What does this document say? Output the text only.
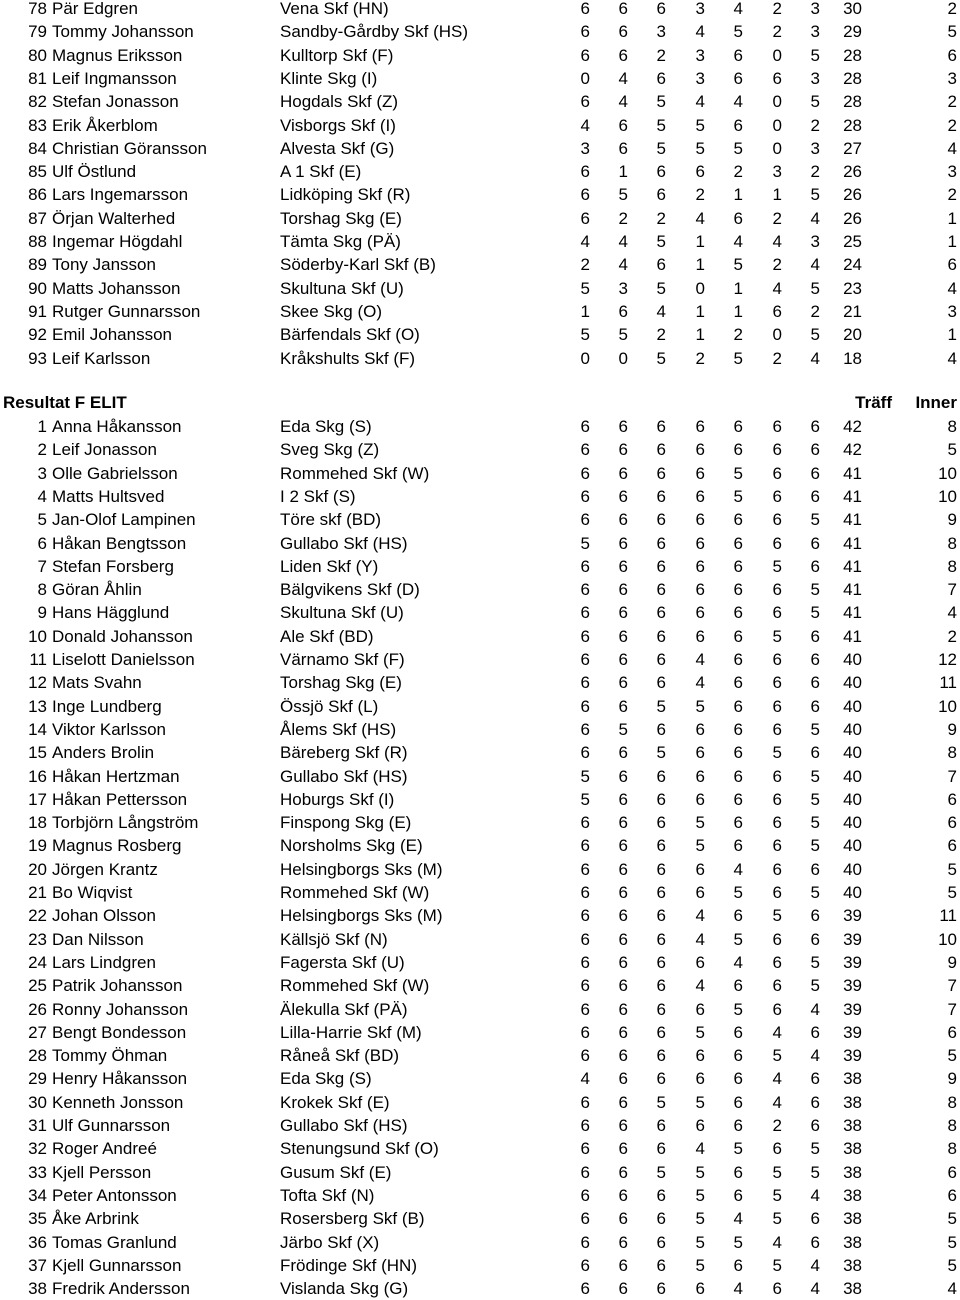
78 Pär Edgren	Vena Skf (HN)	6 6 6 3 4 2 3 30	2
79 Tommy Johansson	Sandby-Gårdby Skf (HS)	6 6 3 4 5 2 3 29	5
80 Magnus Eriksson	Kulltorp Skf (F)	6 6 2 3 6 0 5 28	6
81 Leif Ingmansson	Klinte Skg (I)	0 4 6 3 6 6 3 28	3
82 Stefan Jonasson	Hogdals Skf (Z)	6 4 5 4 4 0 5 28	2
83 Erik Åkerblom	Visborgs Skf (I)	4 6 5 5 6 0 2 28	2
84 Christian Göransson	Alvesta Skf (G)	3 6 5 5 5 0 3 27	4
85 Ulf Östlund	A 1 Skf (E)	6 1 6 6 2 3 2 26	3
86 Lars Ingemarsson	Lidköping Skf (R)	6 5 6 2 1 1 5 26	2
87 Örjan Walterhed	Torshag Skg (E)	6 2 2 4 6 2 4 26	1
88 Ingemar Högdahl	Tämta Skg (PÄ)	4 4 5 1 4 4 3 25	1
89 Tony Jansson	Söderby-Karl Skf (B)	2 4 6 1 5 2 4 24	6
90 Matts Johansson	Skultuna Skf (U)	5 3 5 0 1 4 5 23	4
91 Rutger Gunnarsson	Skee Skg (O)	1 6 4 1 1 6 2 21	3
92 Emil Johansson	Bärfendals Skf (O)	5 5 2 1 2 0 5 20	1
93 Leif Karlsson	Kråkshults Skf (F)	0 0 5 2 5 2 4 18	4
Resultat F ELIT	Träff Inner
1 Anna Håkansson	Eda Skg (S)	6 6 6 6 6 6 6 42	8
2 Leif Jonasson	Sveg Skg (Z)	6 6 6 6 6 6 6 42	5
3 Olle Gabrielsson	Rommehed Skf (W)	6 6 6 6 5 6 6 41	10
4 Matts Hultsved	I 2 Skf (S)	6 6 6 6 5 6 6 41	10
5 Jan-Olof Lampinen	Töre skf (BD)	6 6 6 6 6 6 5 41	9
6 Håkan Bengtsson	Gullabo Skf (HS)	5 6 6 6 6 6 6 41	8
7 Stefan Forsberg	Liden Skf (Y)	6 6 6 6 6 5 6 41	8
8 Göran Åhlin	Bälgvikens Skf (D)	6 6 6 6 6 6 5 41	7
9 Hans Hägglund	Skultuna Skf (U)	6 6 6 6 6 6 5 41	4
10 Donald Johansson	Ale Skf (BD)	6 6 6 6 6 5 6 41	2
11 Liselott Danielsson	Värnamo Skf (F)	6 6 6 4 6 6 6 40	12
12 Mats Svahn	Torshag Skg (E)	6 6 6 4 6 6 6 40	11
13 Inge Lundberg	Össjö Skf (L)	6 6 5 5 6 6 6 40	10
14 Viktor Karlsson	Ålems Skf (HS)	6 5 6 6 6 6 5 40	9
15 Anders Brolin	Bäreberg Skf (R)	6 6 5 6 6 5 6 40	8
16 Håkan Hertzman	Gullabo Skf (HS)	5 6 6 6 6 6 5 40	7
17 Håkan Pettersson	Hoburgs Skf (I)	5 6 6 6 6 6 5 40	6
18 Torbjörn Långström	Finspong Skg (E)	6 6 6 5 6 6 5 40	6
19 Magnus Rosberg	Norsholms Skg (E)	6 6 6 5 6 6 5 40	6
20 Jörgen Krantz	Helsingborgs Sks (M)	6 6 6 6 4 6 6 40	5
21 Bo Wiqvist	Rommehed Skf (W)	6 6 6 6 5 6 5 40	5
22 Johan Olsson	Helsingborgs Sks (M)	6 6 6 4 6 5 6 39	11
23 Dan Nilsson	Källsjö Skf (N)	6 6 6 4 5 6 6 39	10
24 Lars Lindgren	Fagersta Skf (U)	6 6 6 6 4 6 5 39	9
25 Patrik Johansson	Rommehed Skf (W)	6 6 6 4 6 6 5 39	7
26 Ronny Johansson	Älekulla Skf (PÄ)	6 6 6 6 5 6 4 39	7
27 Bengt Bondesson	Lilla-Harrie Skf (M)	6 6 6 5 6 4 6 39	6
28 Tommy Öhman	Råneå Skf (BD)	6 6 6 6 6 5 4 39	5
29 Henry Håkansson	Eda Skg (S)	4 6 6 6 6 4 6 38	9
30 Kenneth Jonsson	Krokek Skf (E)	6 6 5 5 6 4 6 38	8
31 Ulf Gunnarsson	Gullabo Skf (HS)	6 6 6 6 6 2 6 38	8
32 Roger Andreé	Stenungsund Skf (O)	6 6 6 4 5 6 5 38	8
33 Kjell Persson	Gusum Skf (E)	6 6 5 5 6 5 5 38	6
34 Peter Antonsson	Tofta Skf (N)	6 6 6 5 6 5 4 38	6
35 Åke Arbrink	Rosersberg Skf (B)	6 6 6 5 4 5 6 38	5
36 Tomas Granlund	Järbo Skf (X)	6 6 6 5 5 4 6 38	5
37 Kjell Gunnarsson	Frödinge Skf (HN)	6 6 6 5 6 5 4 38	5
38 Fredrik Andersson	Vislanda Skg (G)	6 6 6 6 4 6 4 38	4
